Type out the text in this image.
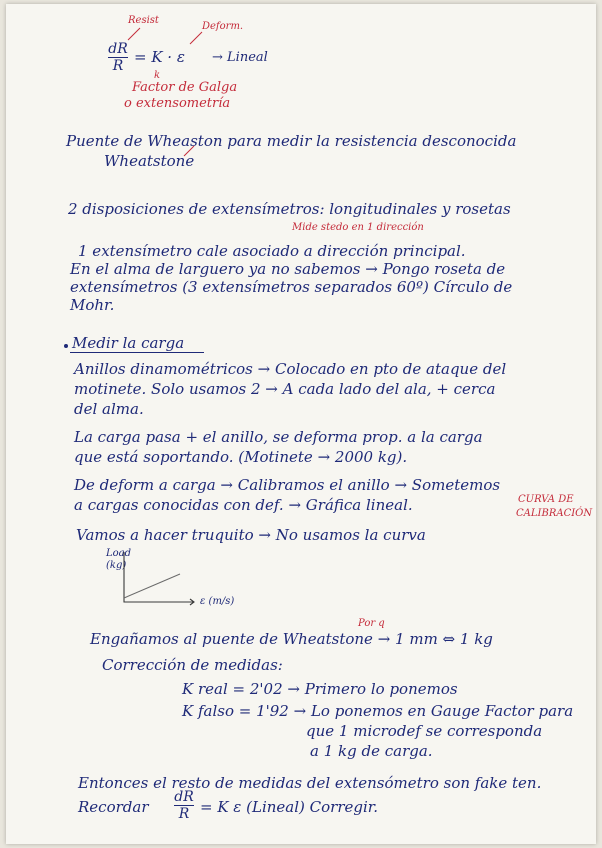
Resist
Deform.
dR
R = K · ε → Lineal
k
Factor de Galga
o extensometría
Puente de Wheaston para medir la resistencia desconocida
Wheatstone
2 disposiciones de extensímetros: longitudinales y rosetas
Mide stedo en 1 dirección
1 extensímetro cale asociado a dirección principal.
En el alma de larguero ya no sabemos → Pongo roseta de
extensímetros (3 extensímetros separados 60º) Círculo de
Mohr.
Medir la carga
Anillos dinamométricos → Colocado en pto de ataque del
motinete. Solo usamos 2 → A cada lado del ala, + cerca
del alma.
La carga pasa + el anillo, se deforma prop. a la carga
que está soportando. (Motinete → 2000 kg).
De deform a carga → Calibramos el anillo → Sometemos
a cargas conocidas con def. → Gráfica lineal.	CURVA DE
CALIBRACIÓN
Vamos a hacer truquito → No usamos la curva
Load
(kg)
ε (m/s)
Por q
Engañamos al puente de Wheatstone → 1 mm ⇔ 1 kg
Corrección de medidas:
K real = 2'02 → Primero lo ponemos
K falso = 1'92 → Lo ponemos en Gauge Factor para
que 1 microdef se corresponda
a 1 kg de carga.
Entonces el resto de medidas del extensómetro son fake ten.
Recordar
dR
R = K ε (Lineal) Corregir.
